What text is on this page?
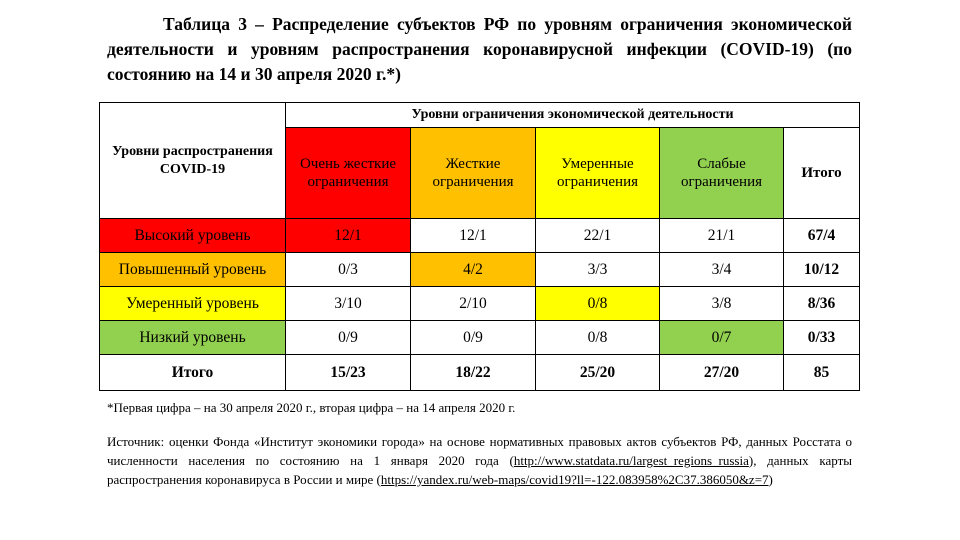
Таблица 3 – Распределение субъектов РФ по уровням ограничения экономической деятельности и уровням распространения коронавирусной инфекции (COVID-19) (по состоянию на 14 и 30 апреля 2020 г.*)
Уровни распространения COVID-19	Уровни ограничения экономической деятельности				
	Очень жесткие ограничения	Жесткие ограничения	Умеренные ограничения	Слабые ограничения	Итого
Высокий уровень	12/1	12/1	22/1	21/1	67/4
Повышенный уровень	0/3	4/2	3/3	3/4	10/12
Умеренный уровень	3/10	2/10	0/8	3/8	8/36
Низкий уровень	0/9	0/9	0/8	0/7	0/33
Итого	15/23	18/22	25/20	27/20	85
*Первая цифра – на 30 апреля 2020 г., вторая цифра – на 14 апреля 2020 г.
Источник: оценки Фонда «Институт экономики города» на основе нормативных правовых актов субъектов РФ, данных Росстата о численности населения по состоянию на 1 января 2020 года (http://www.statdata.ru/largest_regions_russia), данных карты распространения коронавируса в России и мире (https://yandex.ru/web-maps/covid19?ll=-122.083958%2C37.386050&z=7)
